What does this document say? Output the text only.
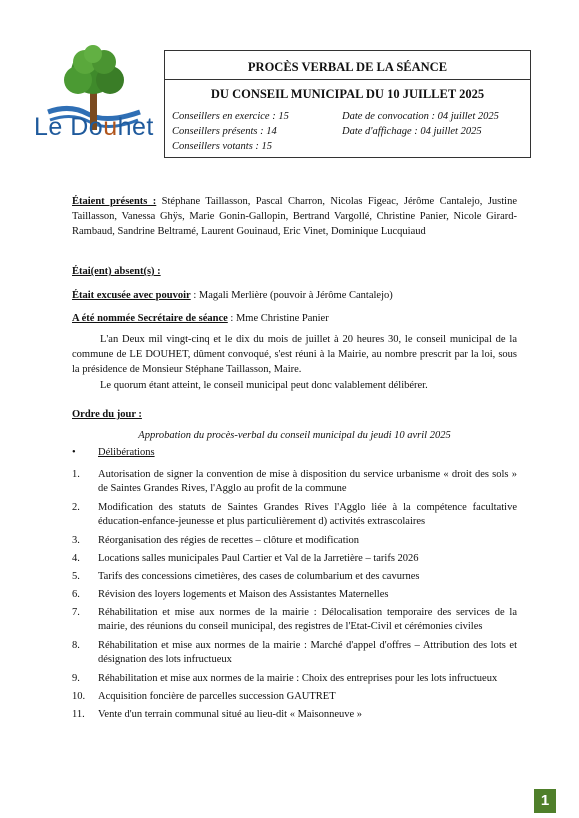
Le Douhet
PROCÈS VERBAL DE LA SÉANCE
DU CONSEIL MUNICIPAL DU 10 JUILLET 2025
Conseillers en exercice : 15
Conseillers présents : 14
Conseillers votants : 15
Date de convocation : 04 juillet 2025
Date d'affichage : 04 juillet 2025
Étaient présents : Stéphane Taillasson, Pascal Charron, Nicolas Figeac, Jérôme Cantalejo, Justine Taillasson, Vanessa Ghÿs, Marie Gonin-Gallopin, Bertrand Vargollé, Christine Panier, Nicole Girard-Rambaud, Sandrine Beltramé, Laurent Gouinaud, Eric Vinet, Dominique Lucquiaud
Étai(ent) absent(s) :
Était excusée avec pouvoir : Magali Merlière (pouvoir à Jérôme Cantalejo)
A été nommée Secrétaire de séance : Mme Christine Panier
L'an Deux mil vingt-cinq et le dix du mois de juillet à 20 heures 30, le conseil municipal de la commune de LE DOUHET, dûment convoqué, s'est réuni à la Mairie, au nombre prescrit par la loi, sous la présidence de Monsieur Stéphane Taillasson, Maire.
Le quorum étant atteint, le conseil municipal peut donc valablement délibérer.
Ordre du jour :
Approbation du procès-verbal du conseil municipal du jeudi 10 avril 2025
• Délibérations
1. Autorisation de signer la convention de mise à disposition du service urbanisme « droit des sols » de Saintes Grandes Rives, l'Agglo au profit de la commune
2. Modification des statuts de Saintes Grandes Rives l'Agglo liée à la compétence facultative éducation-enfance-jeunesse et plus particulièrement d) activités extrascolaires
3. Réorganisation des régies de recettes – clôture et modification
4. Locations salles municipales Paul Cartier et Val de la Jarretière – tarifs 2026
5. Tarifs des concessions cimetières, des cases de columbarium et des cavurnes
6. Révision des loyers logements et Maison des Assistantes Maternelles
7. Réhabilitation et mise aux normes de la mairie : Délocalisation temporaire des services de la mairie, des réunions du conseil municipal, des registres de l'Etat-Civil et cérémonies civiles
8. Réhabilitation et mise aux normes de la mairie : Marché d'appel d'offres – Attribution des lots et désignation des lots infructueux
9. Réhabilitation et mise aux normes de la mairie : Choix des entreprises pour les lots infructueux
10. Acquisition foncière de parcelles succession GAUTRET
11. Vente d'un terrain communal situé au lieu-dit « Maisonneuve »
1
